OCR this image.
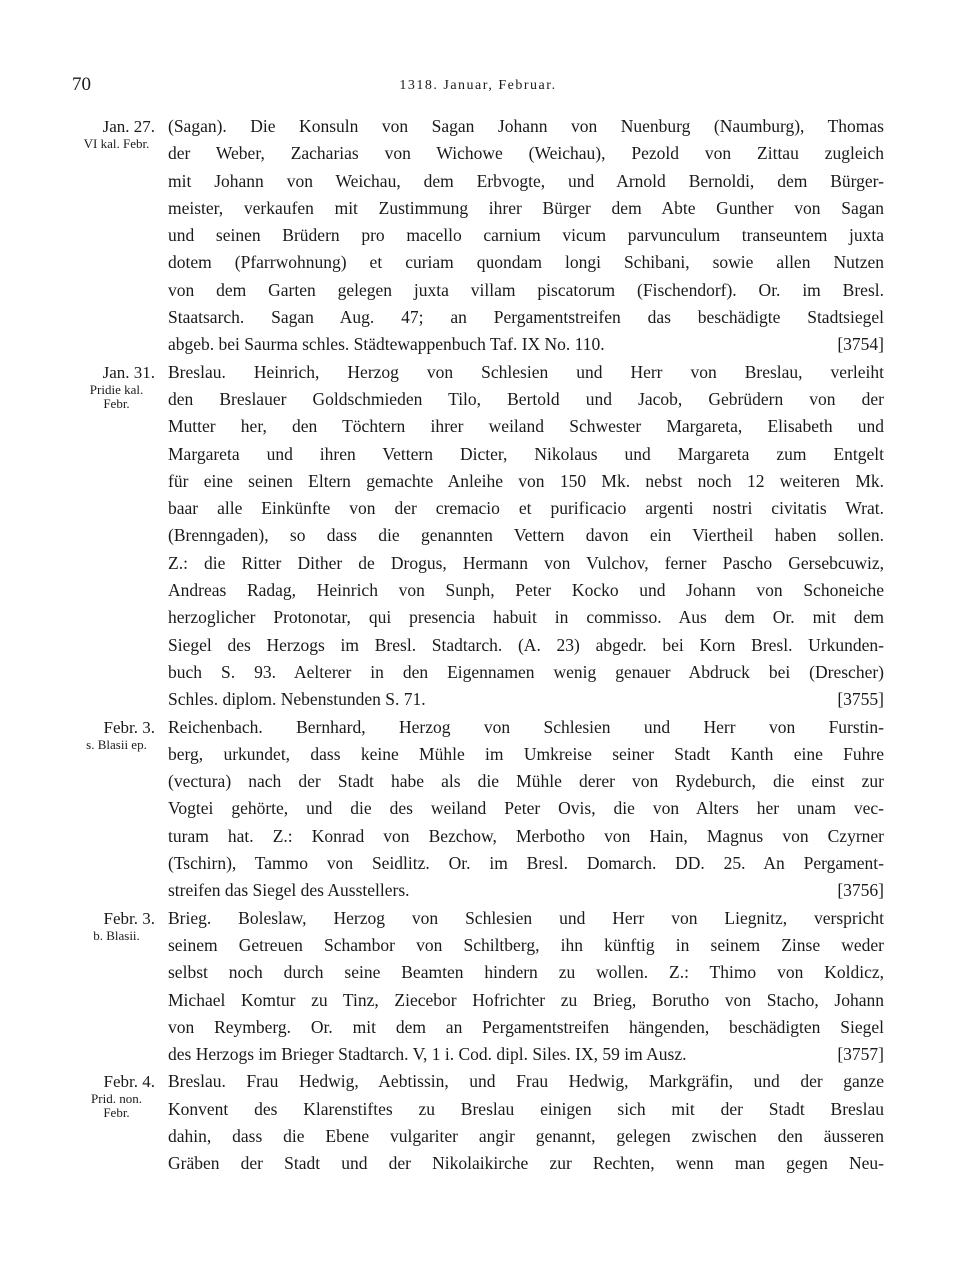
70	1318. Januar, Februar.
Jan. 27.
VI kal. Febr.
(Sagan). Die Konsuln von Sagan Johann von Nuenburg (Naumburg), Thomas
der Weber, Zacharias von Wichowe (Weichau), Pezold von Zittau zugleich
mit Johann von Weichau, dem Erbvogte, und Arnold Bernoldi, dem Bürger-
meister, verkaufen mit Zustimmung ihrer Bürger dem Abte Gunther von Sagan
und seinen Brüdern pro macello carnium vicum parvunculum transeuntem juxta
dotem (Pfarrwohnung) et curiam quondam longi Schibani, sowie allen Nutzen
von dem Garten gelegen juxta villam piscatorum (Fischendorf). Or. im Bresl.
Staatsarch. Sagan Aug. 47; an Pergamentstreifen das beschädigte Stadtsiegel
abgeb. bei Saurma schles. Städtewappenbuch Taf. IX No. 110.	[3754]
Jan. 31.
Pridie kal.
Febr.
Breslau. Heinrich, Herzog von Schlesien und Herr von Breslau, verleiht
den Breslauer Goldschmieden Tilo, Bertold und Jacob, Gebrüdern von der
Mutter her, den Töchtern ihrer weiland Schwester Margareta, Elisabeth und
Margareta und ihren Vettern Dicter, Nikolaus und Margareta zum Entgelt
für eine seinen Eltern gemachte Anleihe von 150 Mk. nebst noch 12 weiteren Mk.
baar alle Einkünfte von der cremacio et purificacio argenti nostri civitatis Wrat.
(Brenngaden), so dass die genannten Vettern davon ein Viertheil haben sollen.
Z.: die Ritter Dither de Drogus, Hermann von Vulchov, ferner Pascho Gersebcuwiz,
Andreas Radag, Heinrich von Sunph, Peter Kocko und Johann von Schoneiche
herzoglicher Protonotar, qui presencia habuit in commisso. Aus dem Or. mit dem
Siegel des Herzogs im Bresl. Stadtarch. (A. 23) abgedr. bei Korn Bresl. Urkunden-
buch S. 93. Aelterer in den Eigennamen wenig genauer Abdruck bei (Drescher)
Schles. diplom. Nebenstunden S. 71.	[3755]
Febr. 3.
s. Blasii ep.
Reichenbach. Bernhard, Herzog von Schlesien und Herr von Furstin-
berg, urkundet, dass keine Mühle im Umkreise seiner Stadt Kanth eine Fuhre
(vectura) nach der Stadt habe als die Mühle derer von Rydeburch, die einst zur
Vogtei gehörte, und die des weiland Peter Ovis, die von Alters her unam vec-
turam hat. Z.: Konrad von Bezchow, Merbotho von Hain, Magnus von Czyrner
(Tschirn), Tammo von Seidlitz. Or. im Bresl. Domarch. DD. 25. An Pergament-
streifen das Siegel des Ausstellers.	[3756]
Febr. 3.
b. Blasii.
Brieg. Boleslaw, Herzog von Schlesien und Herr von Liegnitz, verspricht
seinem Getreuen Schambor von Schiltberg, ihn künftig in seinem Zinse weder
selbst noch durch seine Beamten hindern zu wollen. Z.: Thimo von Koldicz,
Michael Komtur zu Tinz, Ziecebor Hofrichter zu Brieg, Borutho von Stacho, Johann
von Reymberg. Or. mit dem an Pergamentstreifen hängenden, beschädigten Siegel
des Herzogs im Brieger Stadtarch. V, 1 i. Cod. dipl. Siles. IX, 59 im Ausz.	[3757]
Febr. 4.
Prid. non.
Febr.
Breslau. Frau Hedwig, Aebtissin, und Frau Hedwig, Markgräfin, und der ganze
Konvent des Klarenstiftes zu Breslau einigen sich mit der Stadt Breslau
dahin, dass die Ebene vulgariter angir genannt, gelegen zwischen den äusseren
Gräben der Stadt und der Nikolaikirche zur Rechten, wenn man gegen Neu-
